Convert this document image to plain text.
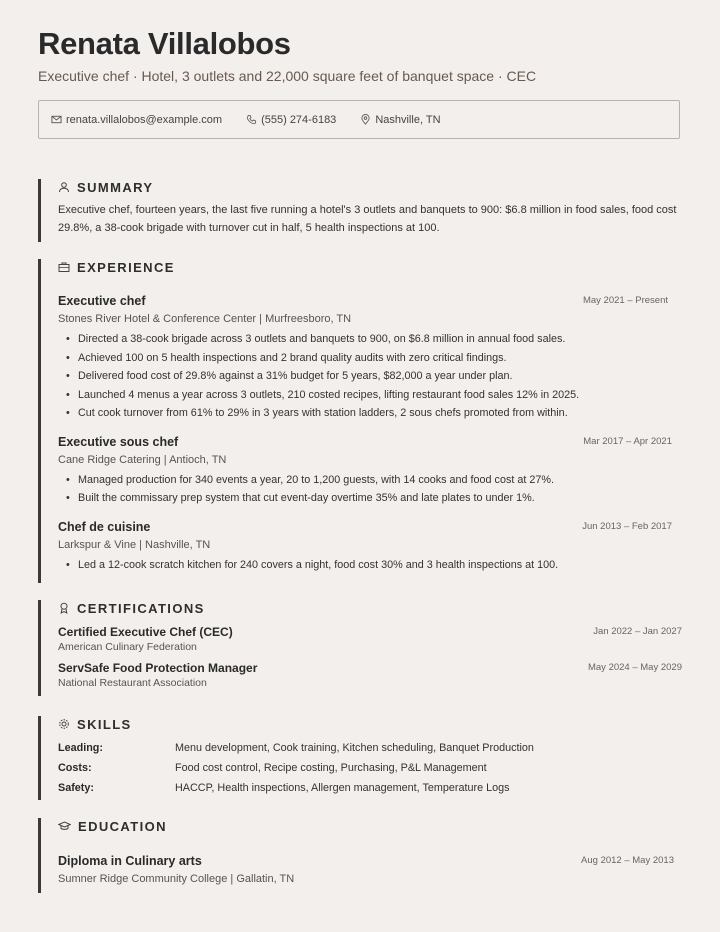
Renata Villalobos
Executive chef · Hotel, 3 outlets and 22,000 square feet of banquet space · CEC
renata.villalobos@example.com	(555) 274-6183	Nashville, TN
SUMMARY
Executive chef, fourteen years, the last five running a hotel's 3 outlets and banquets to 900: $6.8 million in food sales, food cost 29.8%, a 38-cook brigade with turnover cut in half, 5 health inspections at 100.
EXPERIENCE
Executive chef	May 2021 – Present
Stones River Hotel & Conference Center | Murfreesboro, TN
• Directed a 38-cook brigade across 3 outlets and banquets to 900, on $6.8 million in annual food sales.
• Achieved 100 on 5 health inspections and 2 brand quality audits with zero critical findings.
• Delivered food cost of 29.8% against a 31% budget for 5 years, $82,000 a year under plan.
• Launched 4 menus a year across 3 outlets, 210 costed recipes, lifting restaurant food sales 12% in 2025.
• Cut cook turnover from 61% to 29% in 3 years with station ladders, 2 sous chefs promoted from within.
Executive sous chef	Mar 2017 – Apr 2021
Cane Ridge Catering | Antioch, TN
• Managed production for 340 events a year, 20 to 1,200 guests, with 14 cooks and food cost at 27%.
• Built the commissary prep system that cut event-day overtime 35% and late plates to under 1%.
Chef de cuisine	Jun 2013 – Feb 2017
Larkspur & Vine | Nashville, TN
• Led a 12-cook scratch kitchen for 240 covers a night, food cost 30% and 3 health inspections at 100.
CERTIFICATIONS
Certified Executive Chef (CEC)	Jan 2022 – Jan 2027
American Culinary Federation
ServSafe Food Protection Manager	May 2024 – May 2029
National Restaurant Association
SKILLS
Leading:	Menu development, Cook training, Kitchen scheduling, Banquet Production
Costs:	Food cost control, Recipe costing, Purchasing, P&L Management
Safety:	HACCP, Health inspections, Allergen management, Temperature Logs
EDUCATION
Diploma in Culinary arts	Aug 2012 – May 2013
Sumner Ridge Community College | Gallatin, TN
